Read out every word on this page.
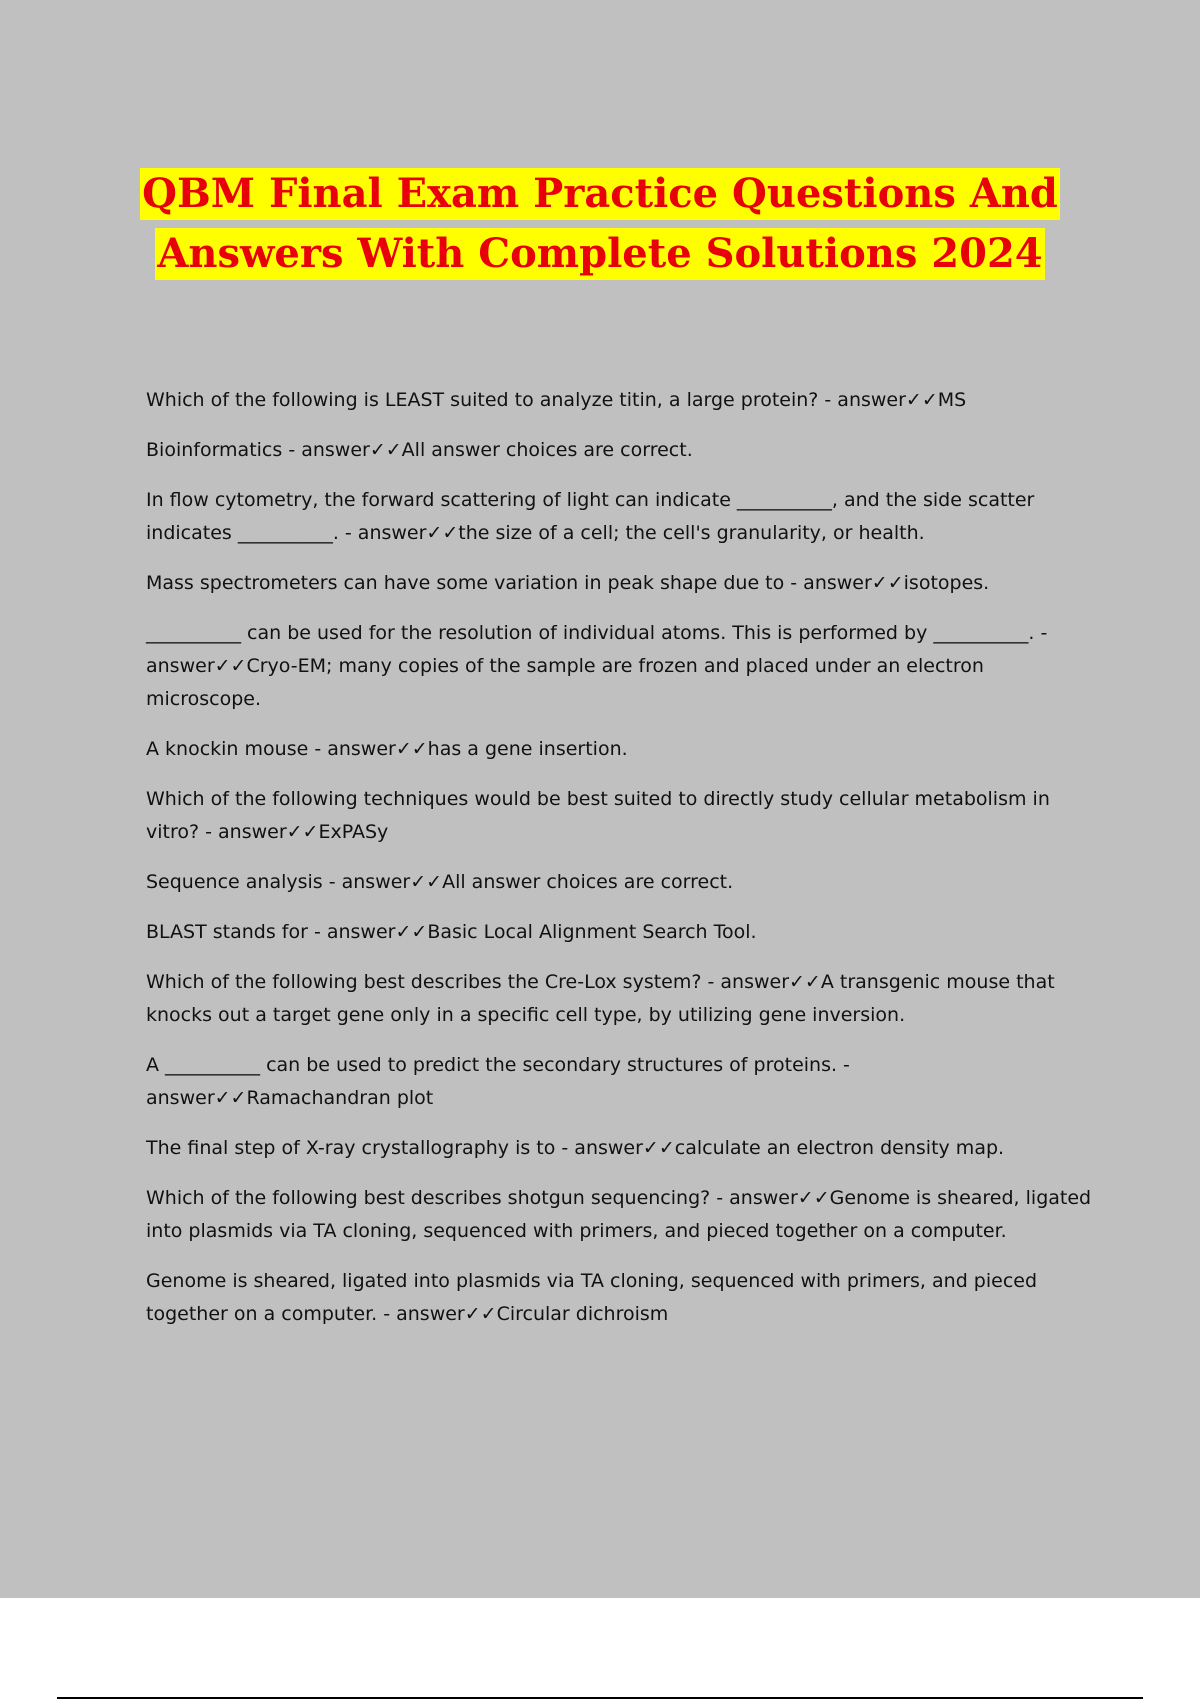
QBM Final Exam Practice Questions And
Answers With Complete Solutions 2024

Which of the following is LEAST suited to analyze titin, a large protein? - answer✓✓MS

Bioinformatics - answer✓✓All answer choices are correct.

In flow cytometry, the forward scattering of light can indicate __________, and the side scatter indicates __________. - answer✓✓the size of a cell; the cell's granularity, or health.

Mass spectrometers can have some variation in peak shape due to - answer✓✓isotopes.

__________ can be used for the resolution of individual atoms. This is performed by __________. - answer✓✓Cryo-EM; many copies of the sample are frozen and placed under an electron microscope.

A knockin mouse - answer✓✓has a gene insertion.

Which of the following techniques would be best suited to directly study cellular metabolism in vitro? - answer✓✓ExPASy

Sequence analysis - answer✓✓All answer choices are correct.

BLAST stands for - answer✓✓Basic Local Alignment Search Tool.

Which of the following best describes the Cre-Lox system? - answer✓✓A transgenic mouse that knocks out a target gene only in a specific cell type, by utilizing gene inversion.

A __________ can be used to predict the secondary structures of proteins. - answer✓✓Ramachandran plot

The final step of X-ray crystallography is to - answer✓✓calculate an electron density map.

Which of the following best describes shotgun sequencing? - answer✓✓Genome is sheared, ligated into plasmids via TA cloning, sequenced with primers, and pieced together on a computer.

Genome is sheared, ligated into plasmids via TA cloning, sequenced with primers, and pieced together on a computer. - answer✓✓Circular dichroism
